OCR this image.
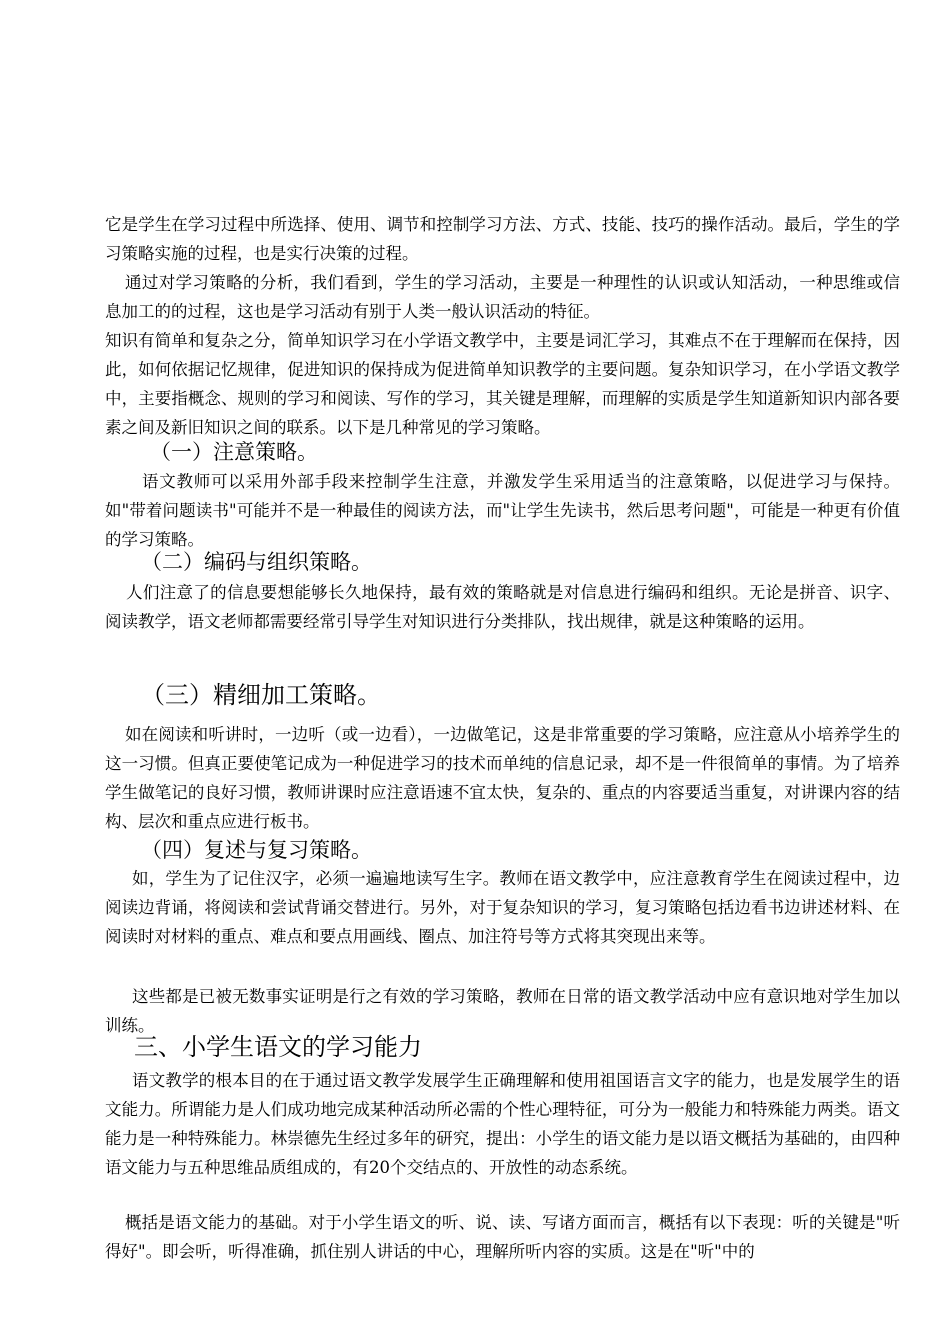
它是学生在学习过程中所选择、使用、调节和控制学习方法、方式、技能、技巧的操作活动。最后，学生的学习策略实施的过程，也是实行决策的过程。

通过对学习策略的分析，我们看到，学生的学习活动，主要是一种理性的认识或认知活动，一种思维或信息加工的的过程，这也是学习活动有别于人类一般认识活动的特征。

知识有简单和复杂之分，简单知识学习在小学语文教学中，主要是词汇学习，其难点不在于理解而在保持，因此，如何依据记忆规律，促进知识的保持成为促进简单知识教学的主要问题。复杂知识学习，在小学语文教学中，主要指概念、规则的学习和阅读、写作的学习，其关键是理解，而理解的实质是学生知道新知识内部各要素之间及新旧知识之间的联系。以下是几种常见的学习策略。

（一）注意策略。

语文教师可以采用外部手段来控制学生注意，并激发学生采用适当的注意策略，以促进学习与保持。如"带着问题读书"可能并不是一种最佳的阅读方法，而"让学生先读书，然后思考问题"，可能是一种更有价值的学习策略。

（二）编码与组织策略。

人们注意了的信息要想能够长久地保持，最有效的策略就是对信息进行编码和组织。无论是拼音、识字、阅读教学，语文老师都需要经常引导学生对知识进行分类排队，找出规律，就是这种策略的运用。

（三）精细加工策略。

如在阅读和听讲时，一边听（或一边看），一边做笔记，这是非常重要的学习策略，应注意从小培养学生的这一习惯。但真正要使笔记成为一种促进学习的技术而单纯的信息记录，却不是一件很简单的事情。为了培养学生做笔记的良好习惯，教师讲课时应注意语速不宜太快，复杂的、重点的内容要适当重复，对讲课内容的结构、层次和重点应进行板书。

（四）复述与复习策略。

如，学生为了记住汉字，必须一遍遍地读写生字。教师在语文教学中，应注意教育学生在阅读过程中，边阅读边背诵，将阅读和尝试背诵交替进行。另外，对于复杂知识的学习，复习策略包括边看书边讲述材料、在阅读时对材料的重点、难点和要点用画线、圈点、加注符号等方式将其突现出来等。

这些都是已被无数事实证明是行之有效的学习策略，教师在日常的语文教学活动中应有意识地对学生加以训练。

三、小学生语文的学习能力

语文教学的根本目的在于通过语文教学发展学生正确理解和使用祖国语言文字的能力，也是发展学生的语文能力。所谓能力是人们成功地完成某种活动所必需的个性心理特征，可分为一般能力和特殊能力两类。语文能力是一种特殊能力。林崇德先生经过多年的研究，提出：小学生的语文能力是以语文概括为基础的，由四种语文能力与五种思维品质组成的，有20个交结点的、开放性的动态系统。

概括是语文能力的基础。对于小学生语文的听、说、读、写诸方面而言，概括有以下表现：听的关键是"听得好"。即会听，听得准确，抓住别人讲话的中心，理解所听内容的实质。这是在"听"中的
